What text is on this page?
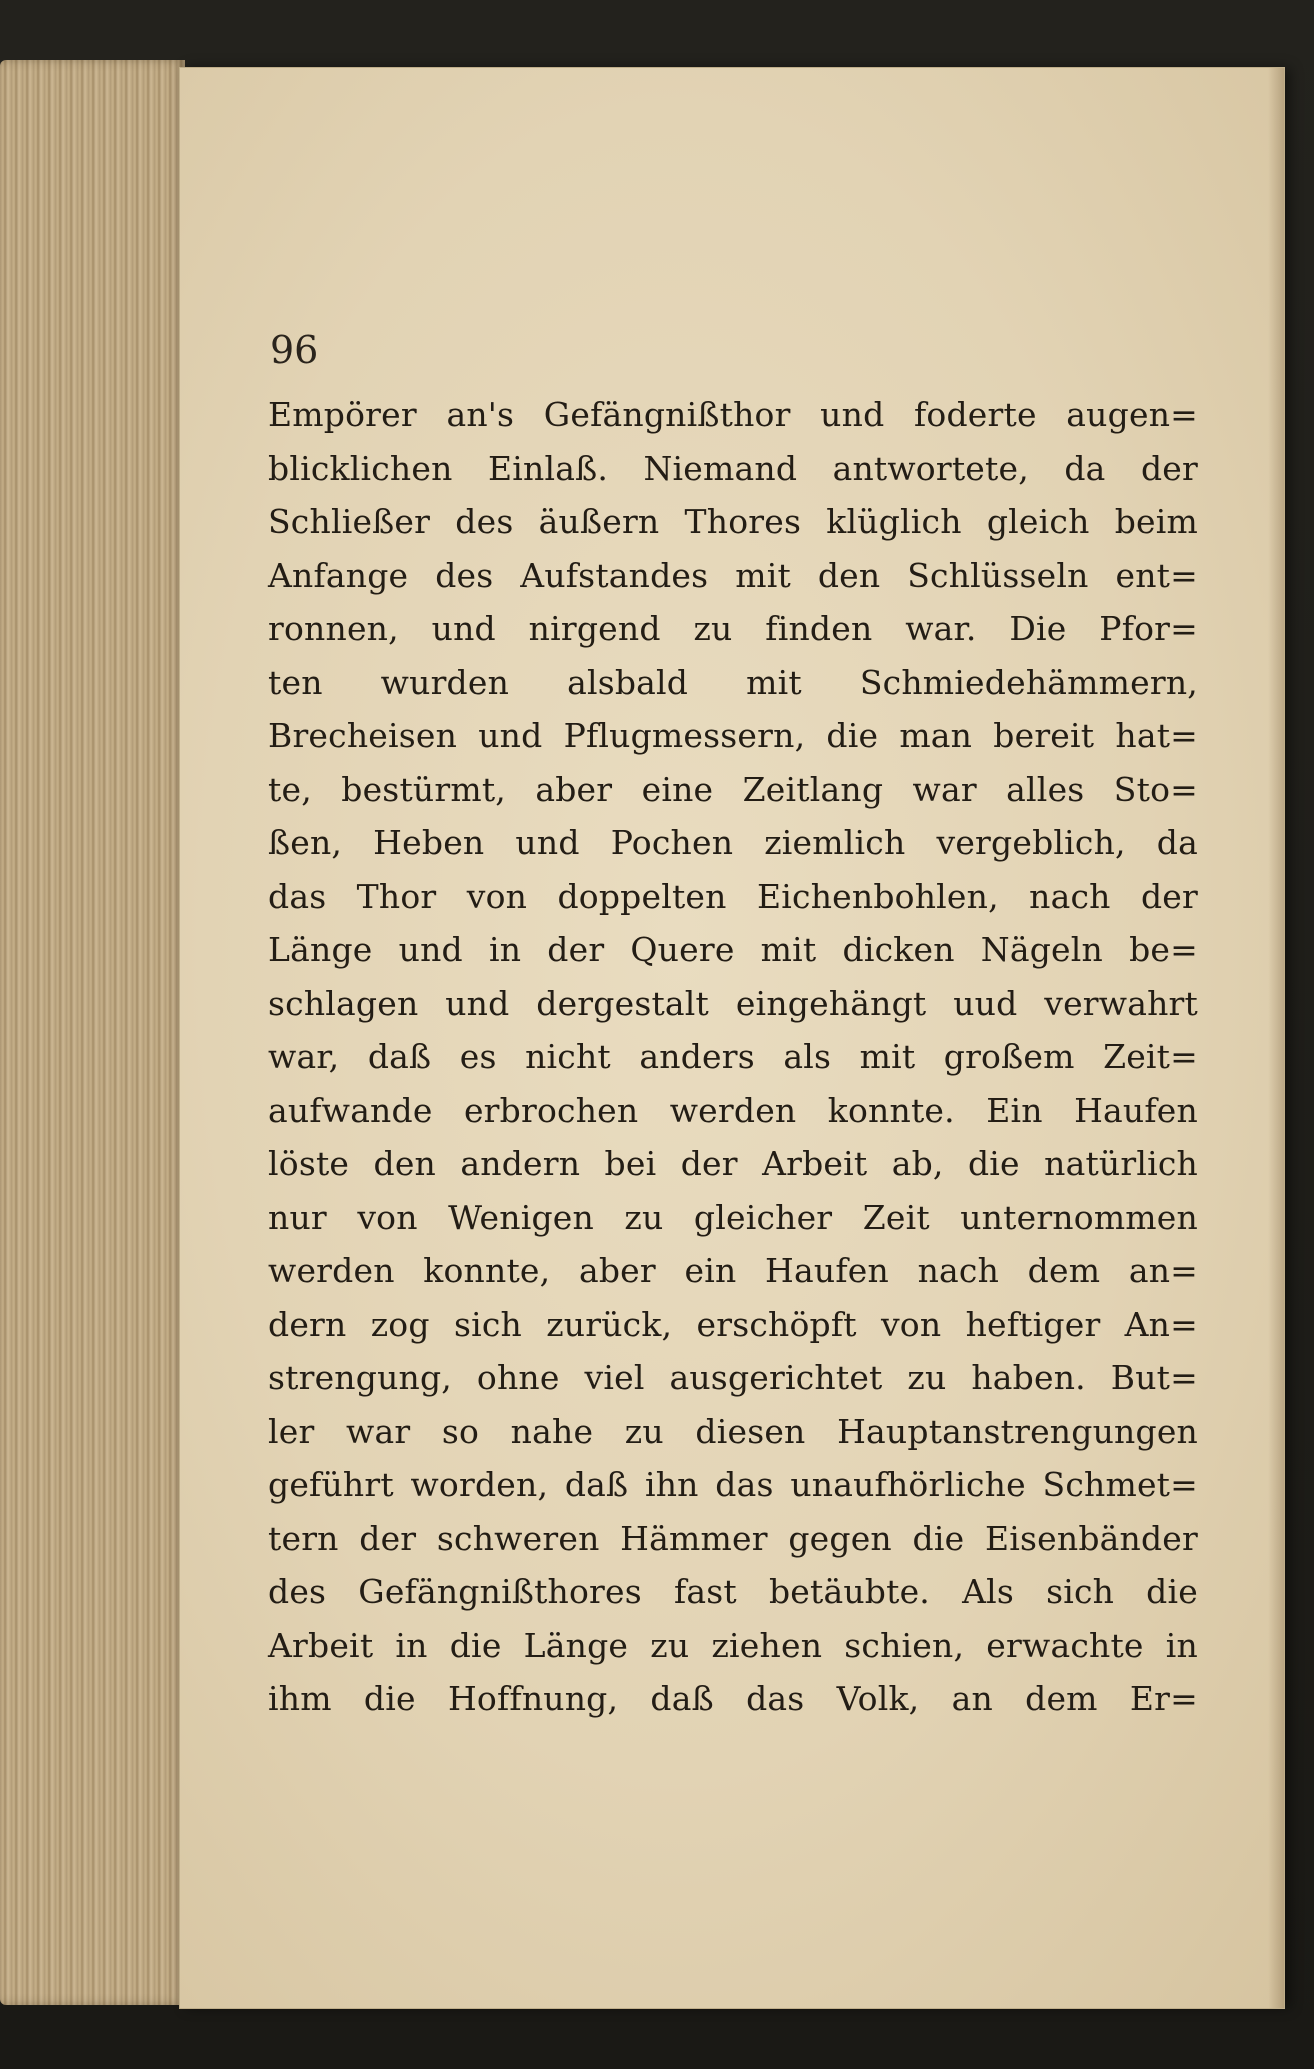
96

Empörer an's Gefängnißthor und foderte augen=
blicklichen Einlaß. Niemand antwortete, da der
Schließer des äußern Thores klüglich gleich beim
Anfange des Aufstandes mit den Schlüsseln ent=
ronnen, und nirgend zu finden war. Die Pfor=
ten wurden alsbald mit Schmiedehämmern,
Brecheisen und Pflugmessern, die man bereit hat=
te, bestürmt, aber eine Zeitlang war alles Sto=
ßen, Heben und Pochen ziemlich vergeblich, da
das Thor von doppelten Eichenbohlen, nach der
Länge und in der Quere mit dicken Nägeln be=
schlagen und dergestalt eingehängt uud verwahrt
war, daß es nicht anders als mit großem Zeit=
aufwande erbrochen werden konnte. Ein Haufen
löste den andern bei der Arbeit ab, die natürlich
nur von Wenigen zu gleicher Zeit unternommen
werden konnte, aber ein Haufen nach dem an=
dern zog sich zurück, erschöpft von heftiger An=
strengung, ohne viel ausgerichtet zu haben. But=
ler war so nahe zu diesen Hauptanstrengungen
geführt worden, daß ihn das unaufhörliche Schmet=
tern der schweren Hämmer gegen die Eisenbänder
des Gefängnißthores fast betäubte. Als sich die
Arbeit in die Länge zu ziehen schien, erwachte in
ihm die Hoffnung, daß das Volk, an dem Er=
